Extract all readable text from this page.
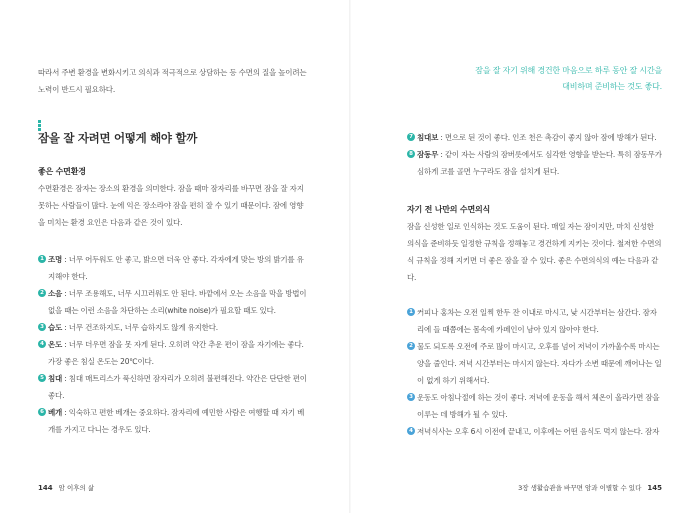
따라서 주변 환경을 변화시키고 의식과 적극적으로 상담하는 등 수면의 질을 높이려는 노력이 반드시 필요하다.

잠을 잘 자려면 어떻게 해야 할까
좋은 수면환경

수면환경은 잠자는 장소의 환경을 의미한다. 잠을 때마 잠자리를 바꾸면 잠을 잘 자지 못하는 사람들이 많다. 눈에 익은 장소라야 잠을 편히 잘 수 있기 때문이다. 잠에 영향을 미치는 환경 요인은 다음과 같은 것이 있다.

1 조명 : 너무 어두워도 안 좋고, 밝으면 더욱 안 좋다. 각자에게 맞는 방의 밝기를 유지해야 한다.
2 소음 : 너무 조용해도, 너무 시끄러워도 안 된다. 바깥에서 오는 소음을 막을 방법이 없을 때는 이런 소음을 차단하는 소리(white noise)가 필요할 때도 있다.
3 습도 : 너무 건조하지도, 너무 습하지도 않게 유지한다.
4 온도 : 너무 더우면 잠을 못 자게 된다. 오히려 약간 추운 편이 잠을 자기에는 좋다. 가장 좋은 침실 온도는 20℃이다.
5 침대 : 침대 매트리스가 푹신하면 잠자리가 오히려 불편해진다. 약간은 단단한 편이 좋다.
6 베개 : 익숙하고 편한 베개는 중요하다. 잠자리에 예민한 사람은 여행할 때 자기 베개를 가지고 다니는 경우도 있다.
144 암 이후의 삶
잠을 잘 자기 위해 경건한 마음으로 하루 동안 잘 시간을 대비하며 준비하는 것도 좋다.
7 침대보 : 면으로 된 것이 좋다. 인조 천은 촉감이 좋지 않아 잠에 방해가 된다.
8 잠동무 : 같이 자는 사람의 잠버릇에서도 심각한 영향을 받는다. 특히 잠동무가 심하게 코를 골면 누구라도 잠을 설치게 된다.
자기 전 나만의 수면의식

잠을 신성한 일로 인식하는 것도 도움이 된다. 매일 자는 잠이지만, 마치 신성한 의식을 준비하듯 일정한 규칙을 정해놓고 경건하게 지키는 것이다. 철저한 수면의식 규칙을 정해 지키면 더 좋은 잠을 잘 수 있다. 좋은 수면의식의 예는 다음과 같다.

1 커피나 홍차는 오전 일찍 한두 잔 이내로 마시고, 낮 시간부터는 삼간다. 잠자리에 들 때쯤에는 몸속에 카페인이 남아 있지 않아야 한다.
2 물도 되도록 오전에 주로 많이 마시고, 오후를 넘어 저녁이 가까울수록 마시는 양을 줄인다. 저녁 시간부터는 마시지 않는다. 자다가 소변 때문에 깨어나는 일이 없게 하기 위해서다.
3 운동도 아침나절에 하는 것이 좋다. 저녁에 운동을 해서 체온이 올라가면 잠을 이루는 데 방해가 될 수 있다.
4 저녁식사는 오후 6시 이전에 끝내고, 이후에는 어떤 음식도 먹지 않는다. 잠자
3장 생활습관을 바꾸면 암과 이별할 수 있다 145
